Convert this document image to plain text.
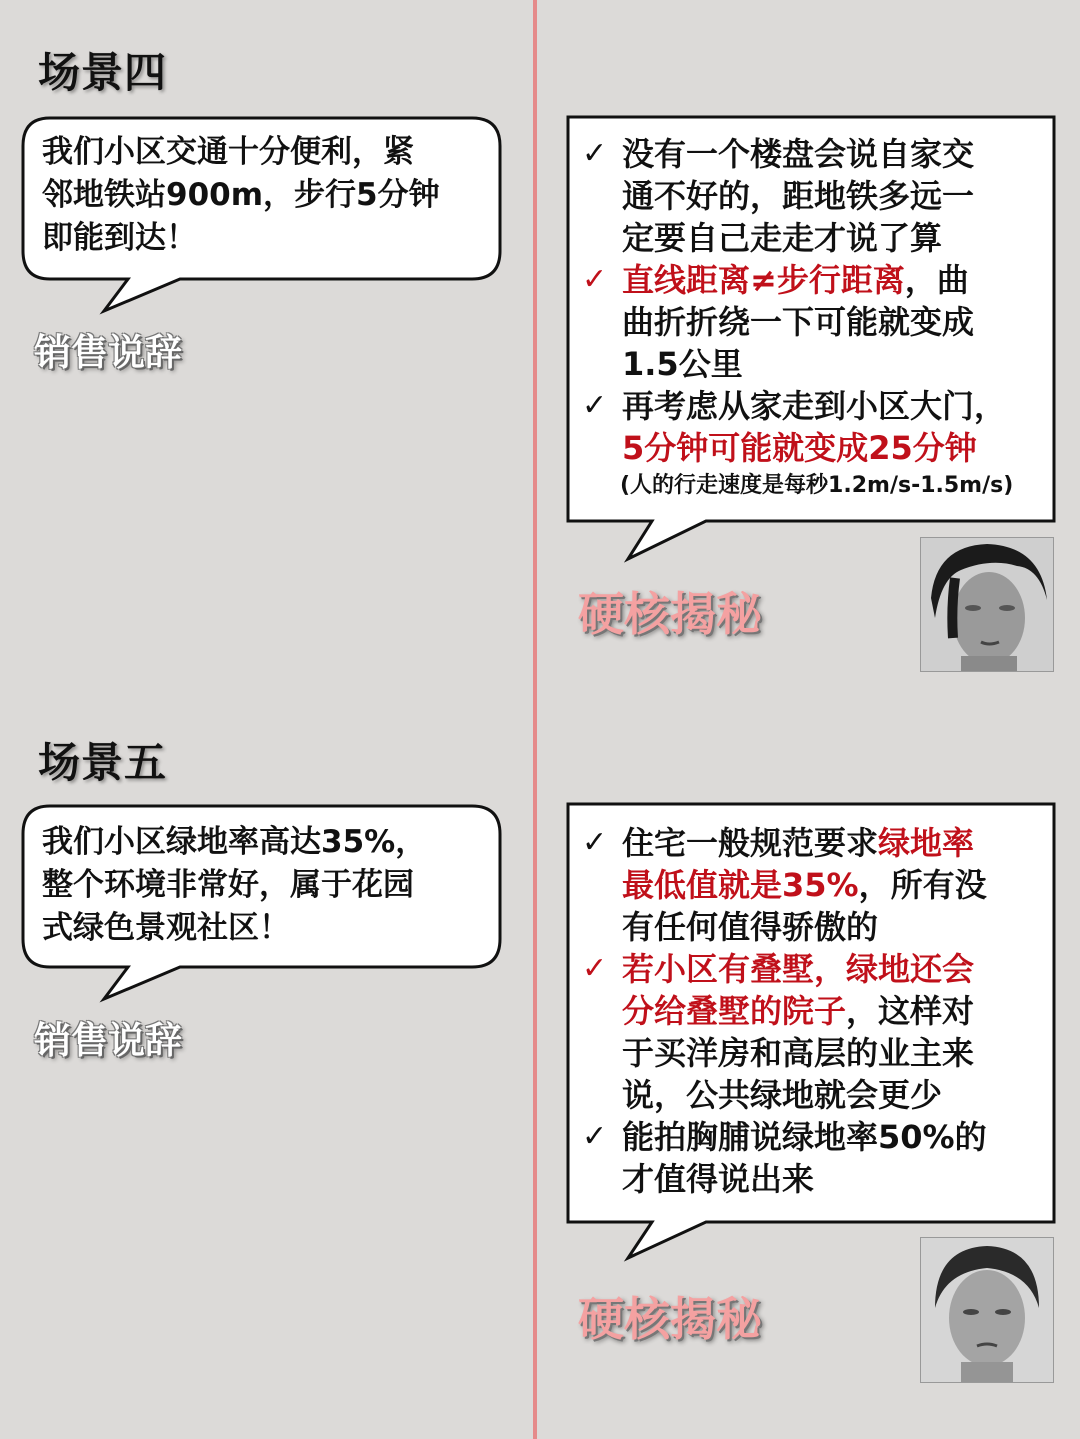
场景四
我们小区交通十分便利，紧
邻地铁站900m，步行5分钟
即能到达！
销售说辞
✓ 没有一个楼盘会说自家交
通不好的，距地铁多远一
定要自己走走才说了算
✓ 直线距离≠步行距离，曲
曲折折绕一下可能就变成
1.5公里
✓ 再考虑从家走到小区大门，
5分钟可能就变成25分钟
(人的行走速度是每秒1.2m/s-1.5m/s)
硬核揭秘
场景五
我们小区绿地率高达35%，
整个环境非常好，属于花园
式绿色景观社区！
销售说辞
✓ 住宅一般规范要求绿地率
最低值就是35%，所有没
有任何值得骄傲的
✓ 若小区有叠墅，绿地还会
分给叠墅的院子，这样对
于买洋房和高层的业主来
说，公共绿地就会更少
✓ 能拍胸脯说绿地率50%的
才值得说出来
硬核揭秘
